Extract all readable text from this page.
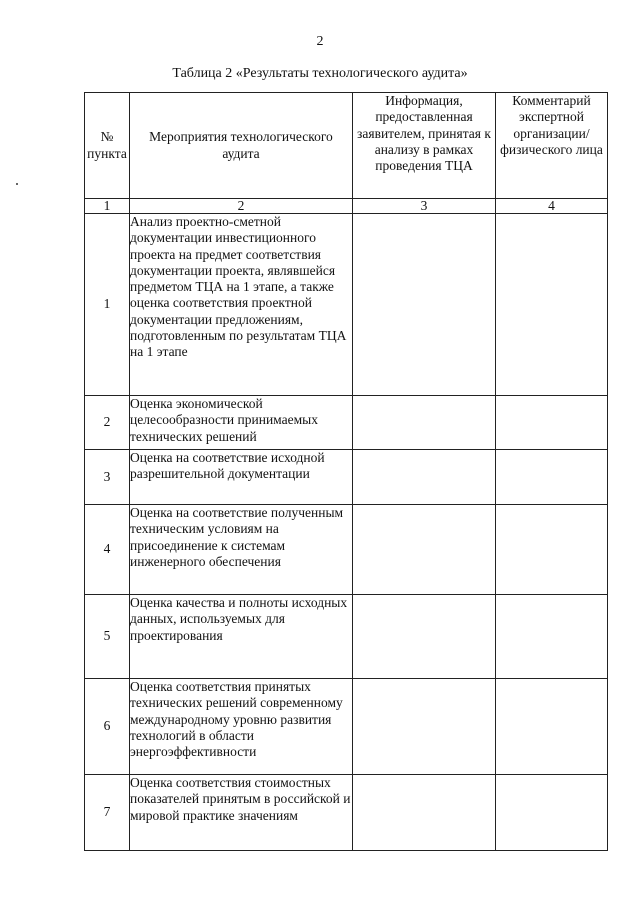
2
Таблица 2 «Результаты технологического аудита»
№ пункта	Мероприятия технологического аудита	Информация, предоставленная заявителем, принятая к анализу в рамках проведения ТЦА	Комментарий экспертной организации/ физического лица
1	2	3	4
1	Анализ проектно-сметной документации инвестиционного проекта на предмет соответствия документации проекта, являвшейся предметом ТЦА на 1 этапе, а также оценка соответствия проектной документации предложениям, подготовленным по результатам ТЦА на 1 этапе		
2	Оценка экономической целесообразности принимаемых технических решений		
3	Оценка на соответствие исходной разрешительной документации		
4	Оценка на соответствие полученным техническим условиям на присоединение к системам инженерного обеспечения		
5	Оценка качества и полноты исходных данных, используемых для проектирования		
6	Оценка соответствия принятых технических решений современному международному уровню развития технологий в области энергоэффективности		
7	Оценка соответствия стоимостных показателей принятым в российской и мировой практике значениям		
